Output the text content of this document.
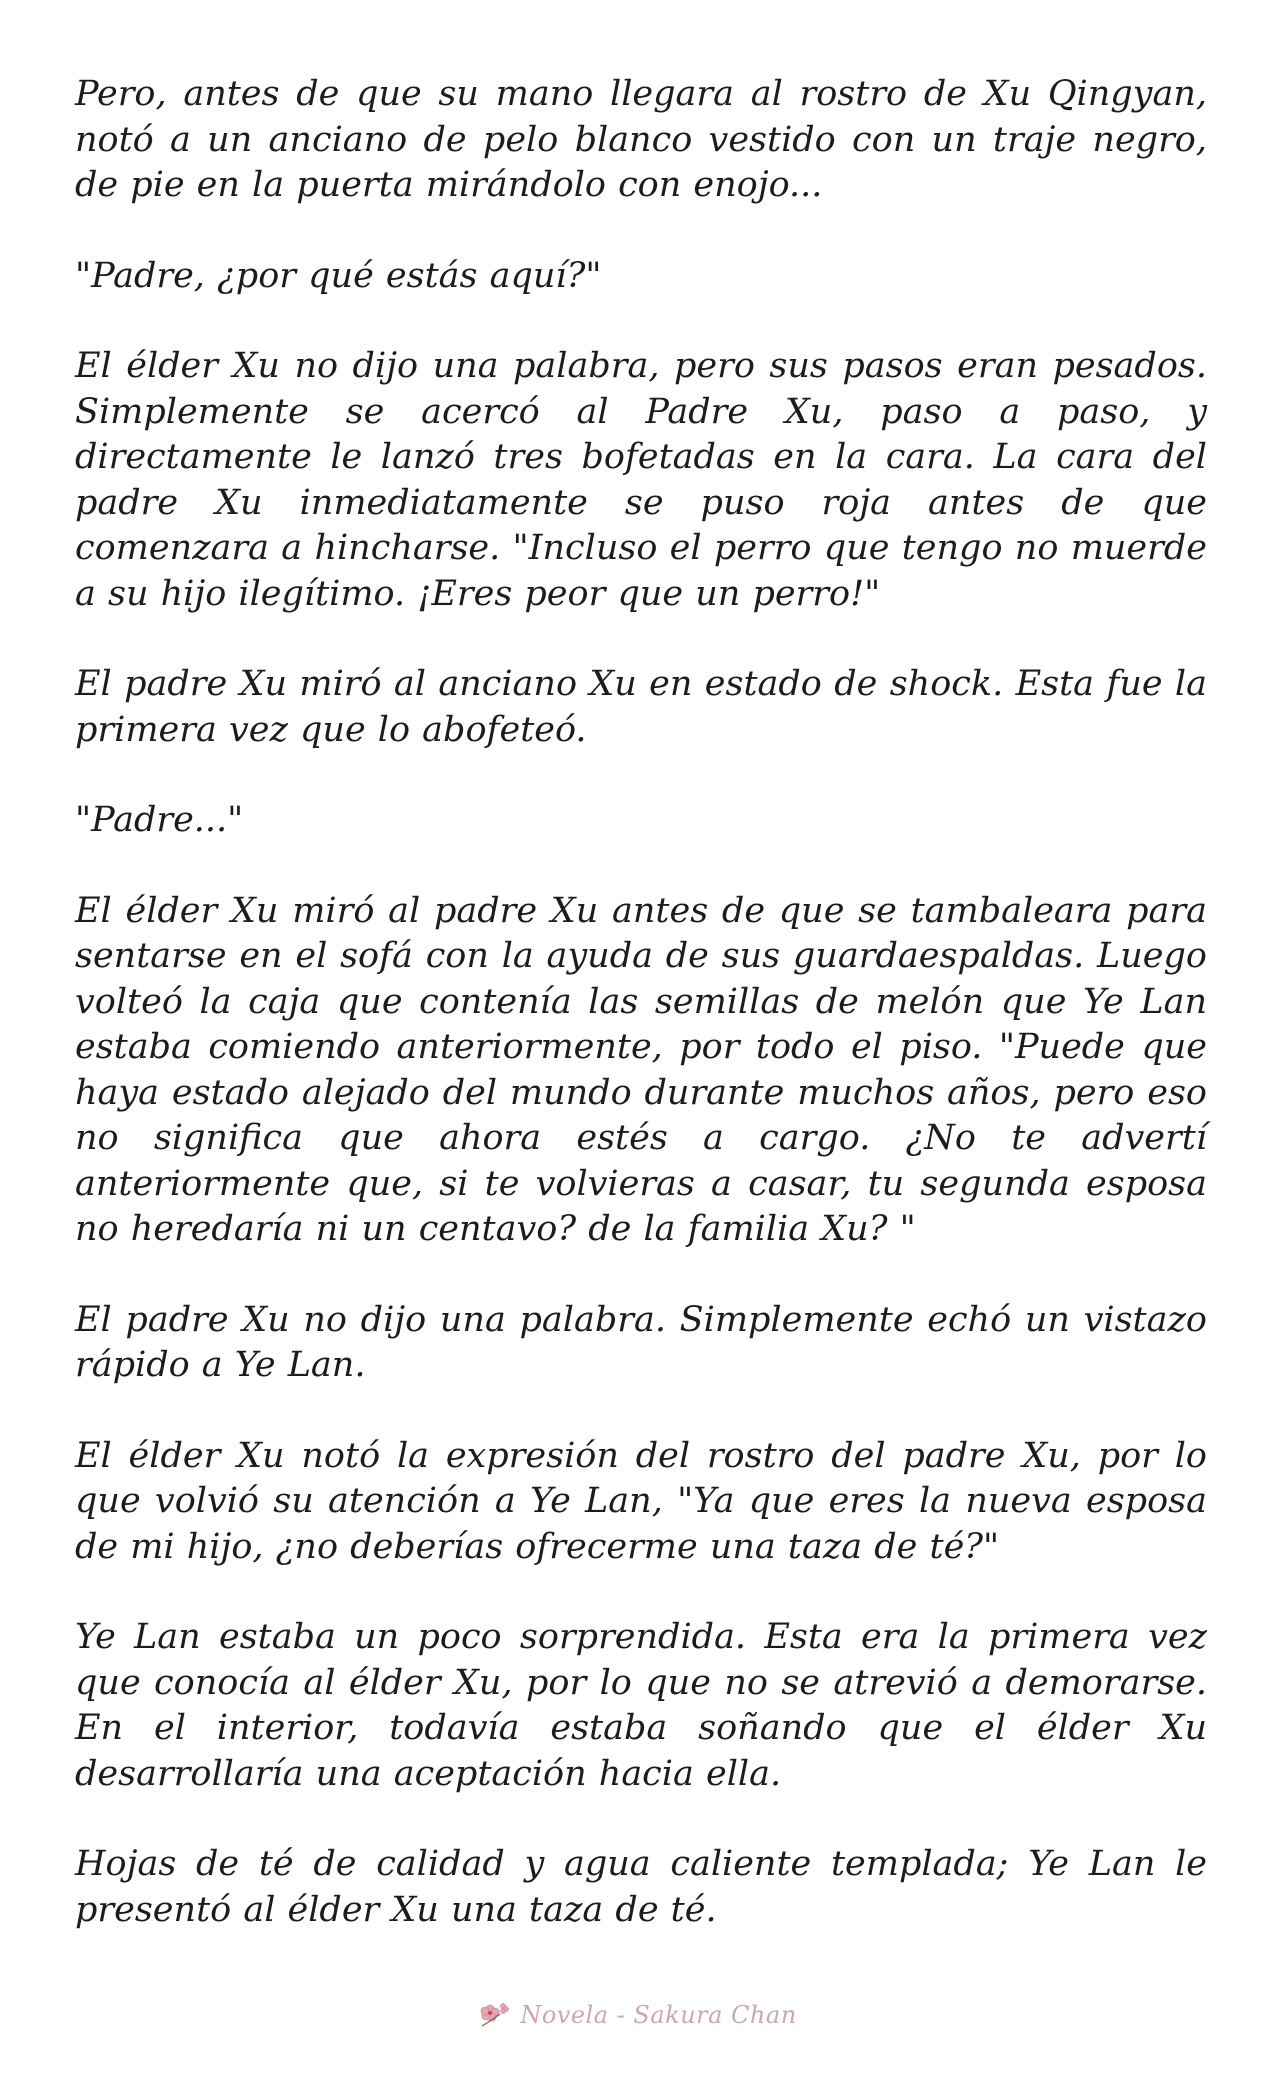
Pero, antes de que su mano llegara al rostro de Xu Qingyan, notó a un anciano de pelo blanco vestido con un traje negro, de pie en la puerta mirándolo con enojo...

"Padre, ¿por qué estás aquí?"

El élder Xu no dijo una palabra, pero sus pasos eran pesados. Simplemente se acercó al Padre Xu, paso a paso, y directamente le lanzó tres bofetadas en la cara. La cara del padre Xu inmediatamente se puso roja antes de que comenzara a hincharse. "Incluso el perro que tengo no muerde a su hijo ilegítimo. ¡Eres peor que un perro!"

El padre Xu miró al anciano Xu en estado de shock. Esta fue la primera vez que lo abofeteó.

"Padre..."

El élder Xu miró al padre Xu antes de que se tambaleara para sentarse en el sofá con la ayuda de sus guardaespaldas. Luego volteó la caja que contenía las semillas de melón que Ye Lan estaba comiendo anteriormente, por todo el piso. "Puede que haya estado alejado del mundo durante muchos años, pero eso no significa que ahora estés a cargo. ¿No te advertí anteriormente que, si te volvieras a casar, tu segunda esposa no heredaría ni un centavo? de la familia Xu? "

El padre Xu no dijo una palabra. Simplemente echó un vistazo rápido a Ye Lan.

El élder Xu notó la expresión del rostro del padre Xu, por lo que volvió su atención a Ye Lan, "Ya que eres la nueva esposa de mi hijo, ¿no deberías ofrecerme una taza de té?"

Ye Lan estaba un poco sorprendida. Esta era la primera vez que conocía al élder Xu, por lo que no se atrevió a demorarse. En el interior, todavía estaba soñando que el élder Xu desarrollaría una aceptación hacia ella.

Hojas de té de calidad y agua caliente templada; Ye Lan le presentó al élder Xu una taza de té.

Novela - Sakura Chan
